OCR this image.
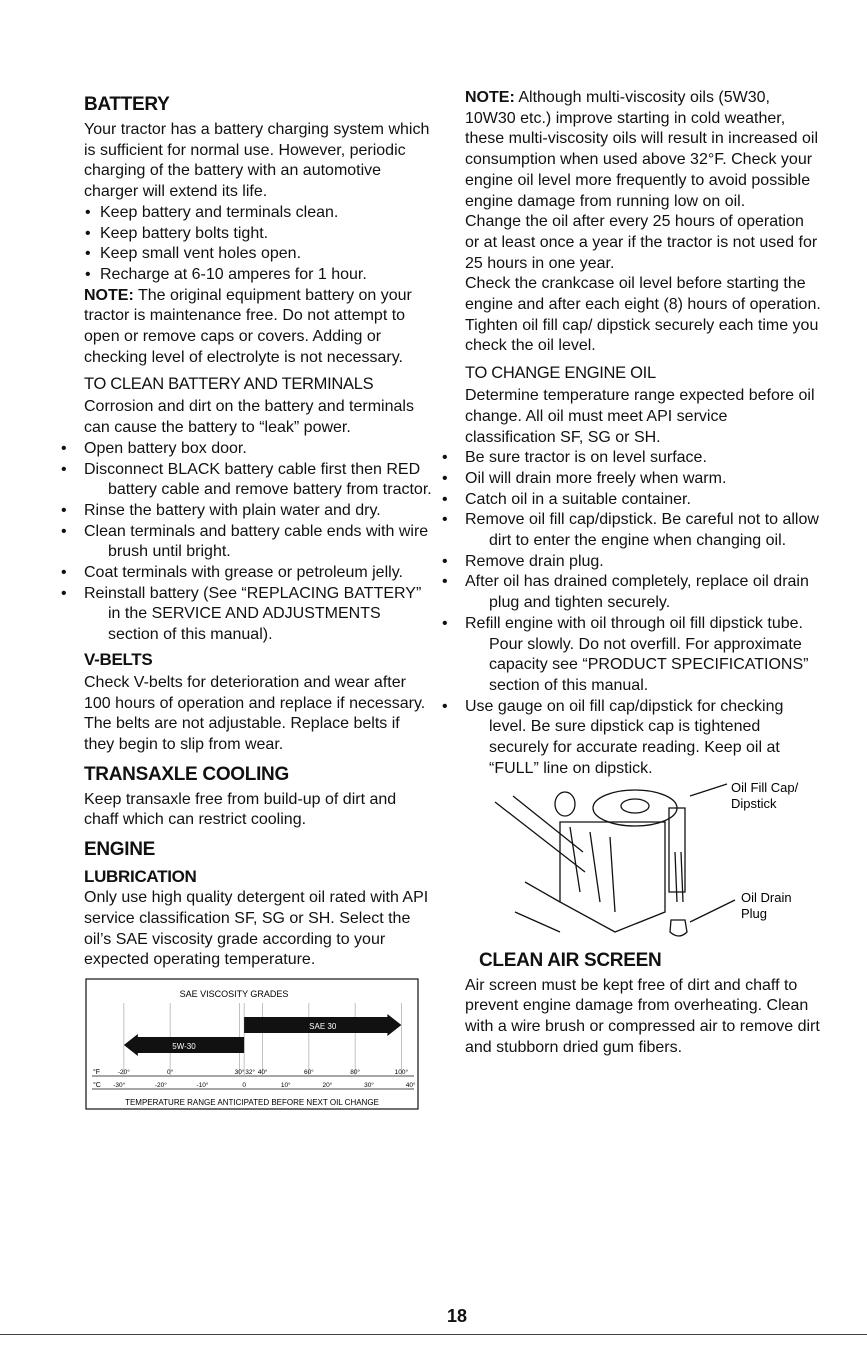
BATTERY

Your tractor has a battery charging system which is sufficient for normal use. However, periodic charging of the battery with an automotive charger will extend its life.

• Keep battery and terminals clean.
• Keep battery bolts tight.
• Keep small vent holes open.
• Recharge at 6-10 amperes for 1 hour.

NOTE: The original equipment battery on your tractor is maintenance free. Do not attempt to open or remove caps or covers. Adding or checking level of electrolyte is not necessary.

TO CLEAN BATTERY AND TERMINALS

Corrosion and dirt on the battery and terminals can cause the battery to “leak” power.

• Open battery box door.
• Disconnect BLACK battery cable first then RED battery cable and remove battery from tractor.
• Rinse the battery with plain water and dry.
• Clean terminals and battery cable ends with wire brush until bright.
• Coat terminals with grease or petroleum jelly.
• Reinstall battery (See “REPLACING BATTERY” in the SERVICE AND ADJUSTMENTS section of this manual).
V-BELTS

Check V-belts for deterioration and wear after 100 hours of operation and replace if necessary. The belts are not adjustable. Replace belts if they begin to slip from wear.

TRANSAXLE COOLING

Keep transaxle free from build-up of dirt and chaff which can restrict cooling.

ENGINE
LUBRICATION

Only use high quality detergent oil rated with API service classification SF, SG or SH. Select the oil’s SAE viscosity grade according to your expected operating temperature.

SAE VISCOSITY GRADES
5W-30
SAE 30
°F
°C
-20°	0°	30° 32° 40°	60°	80°	100°
-30°	-20°	-10°	0	10°	20°	30°	40°
TEMPERATURE RANGE ANTICIPATED BEFORE NEXT OIL CHANGE

NOTE: Although multi-viscosity oils (5W30, 10W30 etc.) improve starting in cold weather, these multi-viscosity oils will result in increased oil consumption when used above 32°F. Check your engine oil level more frequently to avoid possible engine damage from running low on oil.

Change the oil after every 25 hours of operation or at least once a year if the tractor is not used for 25 hours in one year.

Check the crankcase oil level before starting the engine and after each eight (8) hours of operation. Tighten oil fill cap/ dipstick securely each time you check the oil level.

TO CHANGE ENGINE OIL

Determine temperature range expected before oil change. All oil must meet API service classification SF, SG or SH.

• Be sure tractor is on level surface.
• Oil will drain more freely when warm.
• Catch oil in a suitable container.
• Remove oil fill cap/dipstick. Be careful not to allow dirt to enter the engine when changing oil.
• Remove drain plug.
• After oil has drained completely, replace oil drain plug and tighten securely.
• Refill engine with oil through oil fill dipstick tube. Pour slowly. Do not overfill. For approximate capacity see “PRODUCT SPECIFICATIONS” section of this manual.
• Use gauge on oil fill cap/dipstick for checking level. Be sure dipstick cap is tightened securely for accurate reading. Keep oil at “FULL” line on dipstick.
Oil Fill Cap/
Dipstick
Oil Drain
Plug
CLEAN AIR SCREEN

Air screen must be kept free of dirt and chaff to prevent engine damage from overheating. Clean with a wire brush or compressed air to remove dirt and stubborn dried gum fibers.

18
